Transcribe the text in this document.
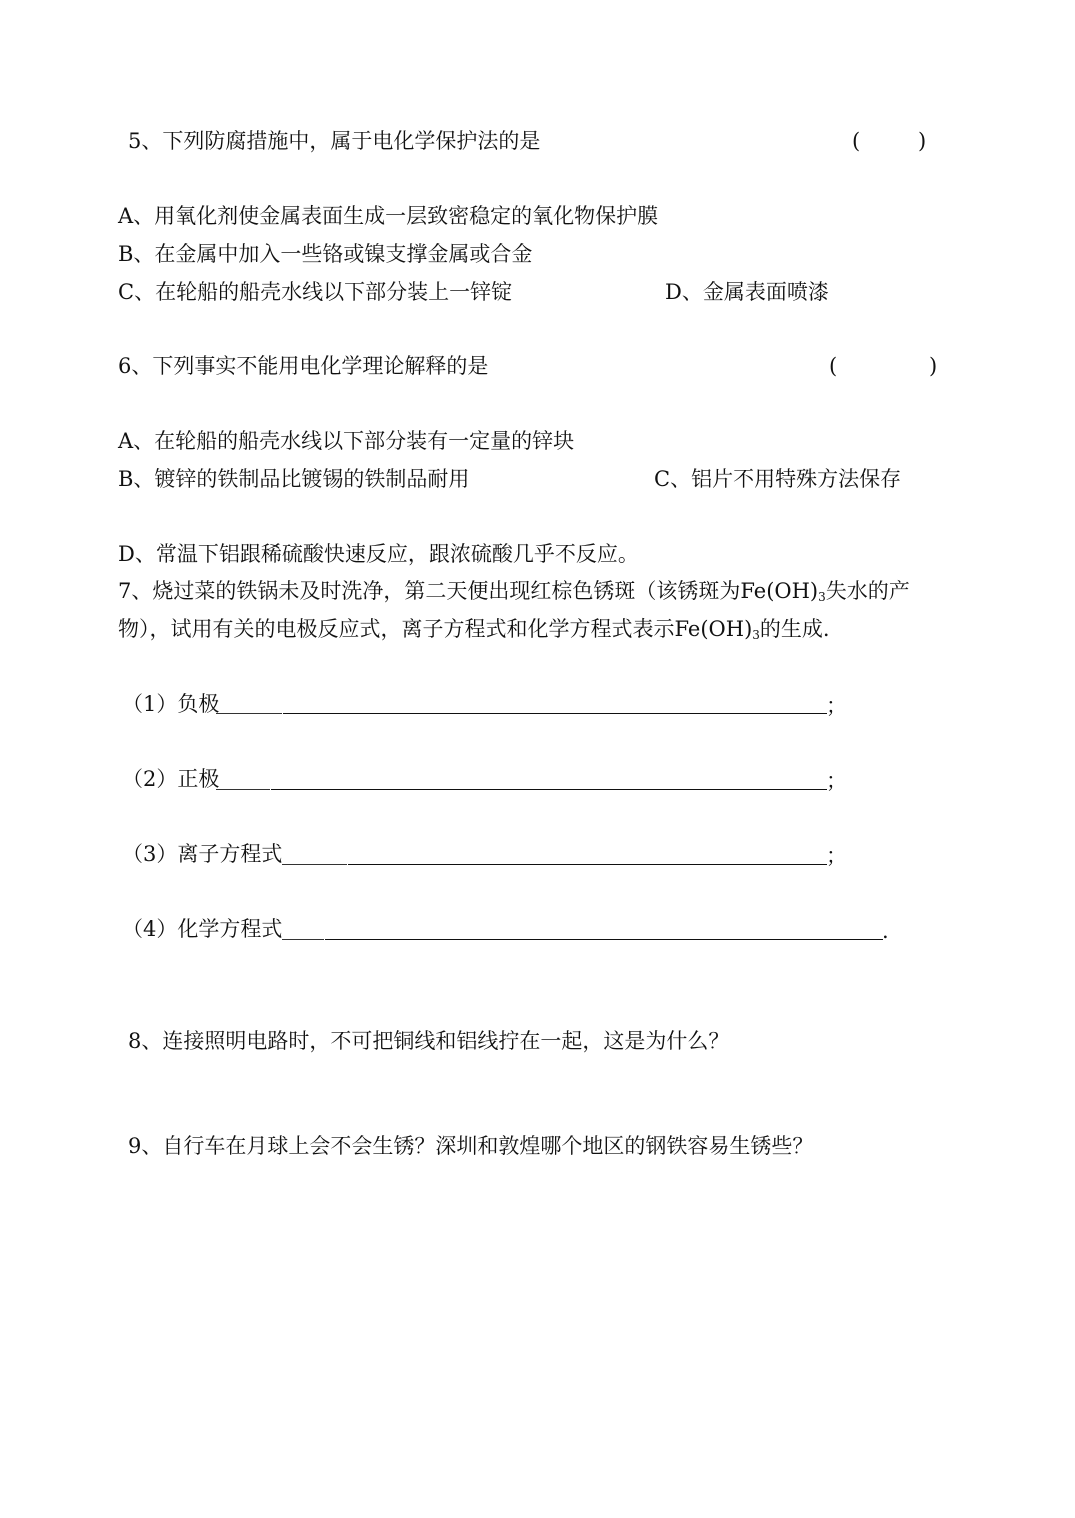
5、下列防腐措施中，属于电化学保护法的是	(	)
A、用氧化剂使金属表面生成一层致密稳定的氧化物保护膜
B、在金属中加入一些铬或镍支撑金属或合金
C、在轮船的船壳水线以下部分装上一锌锭	D、金属表面喷漆
6、下列事实不能用电化学理论解释的是	(	)
A、在轮船的船壳水线以下部分装有一定量的锌块
B、镀锌的铁制品比镀锡的铁制品耐用	C、铝片不用特殊方法保存
D、常温下铝跟稀硫酸快速反应，跟浓硫酸几乎不反应。
7、烧过菜的铁锅未及时洗净，第二天便出现红棕色锈斑（该锈斑为$Fe(OH)_3$失水的产
物），试用有关的电极反应式，离子方程式和化学方程式表示$Fe(OH)_3$的生成.
（1）负极	；
（2）正极	；
（3）离子方程式	；
（4）化学方程式	.
8、连接照明电路时，不可把铜线和铝线拧在一起，这是为什么？
9、自行车在月球上会不会生锈？深圳和敦煌哪个地区的钢铁容易生锈些？
